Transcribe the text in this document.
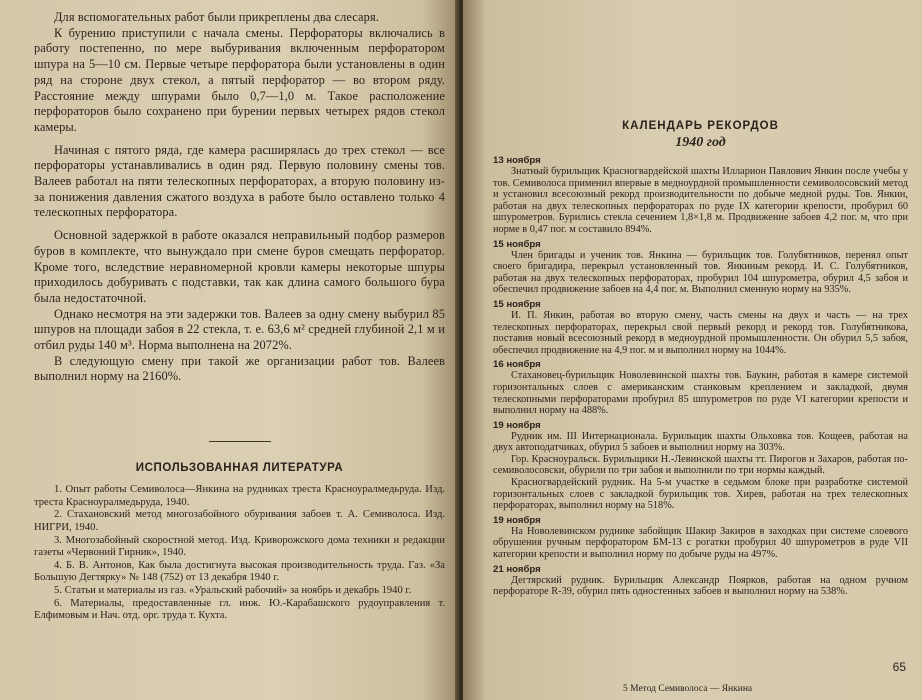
Для вспомогательных работ были прикреплены два слесаря.

К бурению приступили с начала смены. Перфораторы включались в работу постепенно, по мере выбуривания включенным перфоратором шпура на 5—10 см. Первые четыре перфоратора были установлены в один ряд на стороне двух стекол, а пятый перфоратор — во втором ряду. Расстояние между шпурами было 0,7—1,0 м. Такое расположение перфораторов было сохранено при бурении первых четырех рядов стекол камеры.

Начиная с пятого ряда, где камера расширялась до трех стекол — все перфораторы устанавливались в один ряд. Первую половину смены тов. Валеев работал на пяти телескопных перфораторах, а вторую половину из-за понижения давления сжатого воздуха в работе было оставлено только 4 телескопных перфоратора.

Основной задержкой в работе оказался неправильный подбор размеров буров в комплекте, что вынуждало при смене буров смещать перфоратор. Кроме того, вследствие неравномерной кровли камеры некоторые шпуры приходилось добуривать с подставки, так как длина самого большого бура была недостаточной.

Однако несмотря на эти задержки тов. Валеев за одну смену выбурил 85 шпуров на площади забоя в 22 стекла, т. е. 63,6 м² средней глубиной 2,1 м и отбил руды 140 м³. Норма выполнена на 2072%.

В следующую смену при такой же организации работ тов. Валеев выполнил норму на 2160%.

ИСПОЛЬЗОВАННАЯ ЛИТЕРАТУРА

1. Опыт работы Семиволоса—Янкина на рудниках треста Красноуралмедьруда. Изд. треста Красноуралмедьруда, 1940.

2. Стахановский метод многозабойного обуривания забоев т. А. Семиволоса. Изд. НИГРИ, 1940.

3. Многозабойный скоростной метод. Изд. Криворожского дома техники и редакции газеты «Червоний Гирник», 1940.

4. Б. В. Антонов, Как была достигнута высокая производительность труда. Газ. «За Большую Дегтярку» № 148 (752) от 13 декабря 1940 г.

5. Статьи и материалы из газ. «Уральский рабочий» за ноябрь и декабрь 1940 г.

6. Материалы, предоставленные гл. инж. Ю.-Карабашского рудоуправления т. Елфимовым и Нач. отд. орг. труда т. Кухта.

КАЛЕНДАРЬ РЕКОРДОВ
1940 год
13 ноября

Знатный бурильщик Красногвардейской шахты Илларион Павлович Янкин после учебы у тов. Семиволоса применил впервые в медноурдной промышленности семиволосовский метод и установил всесоюзный рекорд производительности по добыче медной руды. Тов. Янкин, работая на двух телескопных перфораторах по руде IX категории крепости, пробурил 60 шпурометров. Бурились стекла сечением 1,8×1,8 м. Продвижение забоев 4,2 пог. м, что при норме в 0,47 пог. м составило 894%.

15 ноября

Член бригады и ученик тов. Янкина — бурильщик тов. Голубятников, перенял опыт своего бригадира, перекрыл установленный тов. Янкиным рекорд. И. С. Голубятников, работая на двух телескопных перфораторах, пробурил 104 шпурометра, обурил 4,5 забоя и обеспечил продвижение забоев на 4,4 пог. м. Выполнил сменную норму на 935%.

15 ноября

И. П. Янкин, работая во вторую смену, часть смены на двух и часть — на трех телескопных перфораторах, перекрыл свой первый рекорд и рекорд тов. Голубятникова, поставив новый всесоюзный рекорд в медноурдной промышленности. Он обурил 5,5 забоя, обеспечил продвижение на 4,9 пог. м и выполнил норму на 1044%.

16 ноября

Стахановец-бурильщик Новолевинской шахты тов. Баукин, работая в камере системой горизонтальных слоев с американским станковым креплением и закладкой, двумя телескопными перфораторами пробурил 85 шпурометров по руде VI категории крепости и выполнил норму на 488%.

19 ноября

Рудник им. III Интернационала. Бурильщик шахты Ольховка тов. Кощеев, работая на двух автоподатчиках, обурил 5 забоев и выполнил норму на 303%.

Гор. Красноуральск. Бурильщики Н.-Левинской шахты тт. Пирогов и Захаров, работая по-семиволосовски, обурили по три забоя и выполнили по три нормы каждый.

Красногвардейский рудник. На 5-м участке в седьмом блоке при разработке системой горизонтальных слоев с закладкой бурильщик тов. Хирев, работая на трех телескопных перфораторах, выполнил норму на 518%.

19 ноября

На Новолевинском руднике забойщик Шакир Закиров в заходках при системе слоевого обрушения ручным перфоратором БМ-13 с рогатки пробурил 40 шпурометров в руде VII категории крепости и выполнил норму по добыче руды на 497%.

21 ноября

Дегтярский рудник. Бурильщик Александр Поярков, работая на одном ручном перфораторе R-39, обурил пять одностенных забоев и выполнил норму на 538%.

65
5 Метод Семиволоса — Янкина
